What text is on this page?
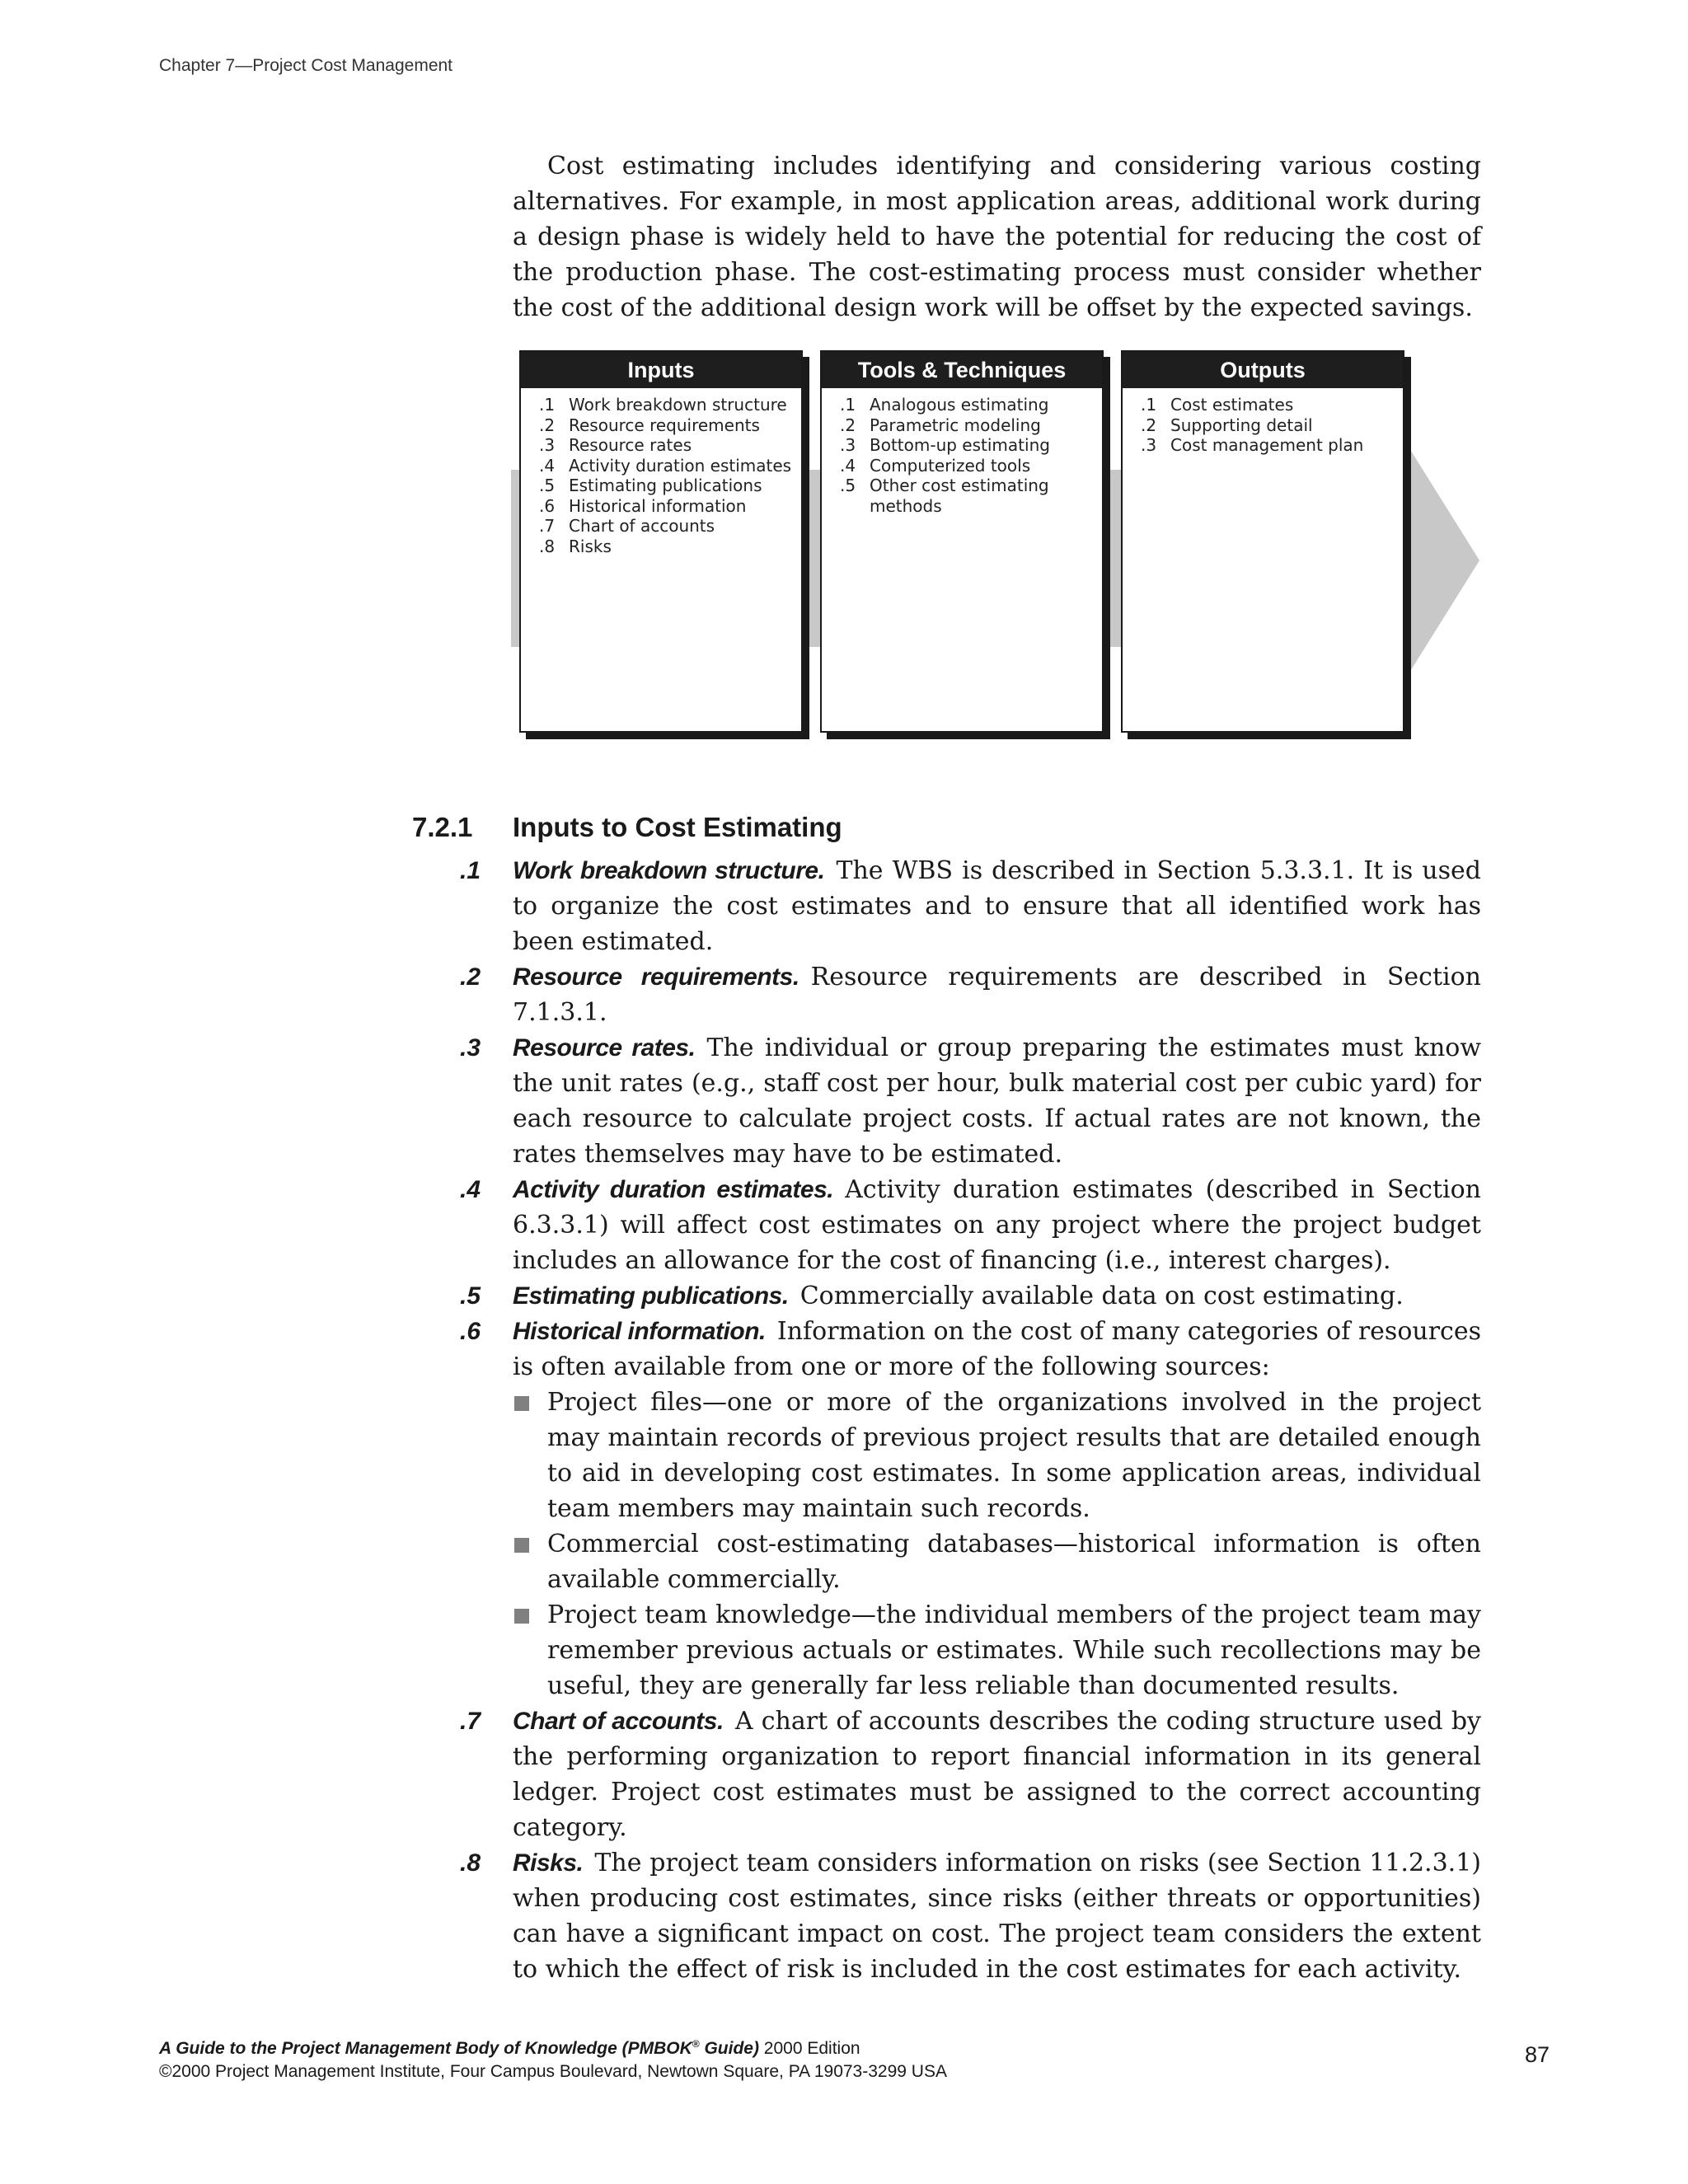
Chapter 7—Project Cost Management

Cost estimating includes identifying and considering various costing alternatives. For example, in most application areas, additional work during a design phase is widely held to have the potential for reducing the cost of the production phase. The cost-estimating process must consider whether the cost of the additional design work will be offset by the expected savings.

Inputs
.1 Work breakdown structure
.2 Resource requirements
.3 Resource rates
.4 Activity duration estimates
.5 Estimating publications
.6 Historical information
.7 Chart of accounts
.8 Risks
Tools & Techniques
.1 Analogous estimating
.2 Parametric modeling
.3 Bottom-up estimating
.4 Computerized tools
.5 Other cost estimating methods
Outputs
.1 Cost estimates
.2 Supporting detail
.3 Cost management plan
7.2.1 Inputs to Cost Estimating
.1 Work breakdown structure. The WBS is described in Section 5.3.3.1. It is used to organize the cost estimates and to ensure that all identified work has been estimated.
.2 Resource requirements. Resource requirements are described in Section 7.1.3.1.
.3 Resource rates. The individual or group preparing the estimates must know the unit rates (e.g., staff cost per hour, bulk material cost per cubic yard) for each resource to calculate project costs. If actual rates are not known, the rates themselves may have to be estimated.
.4 Activity duration estimates. Activity duration estimates (described in Section 6.3.3.1) will affect cost estimates on any project where the project budget includes an allowance for the cost of financing (i.e., interest charges).
.5 Estimating publications. Commercially available data on cost estimating.
.6 Historical information. Information on the cost of many categories of resources is often available from one or more of the following sources:
Project files—one or more of the organizations involved in the project may maintain records of previous project results that are detailed enough to aid in developing cost estimates. In some application areas, individual team members may maintain such records.
Commercial cost-estimating databases—historical information is often available commercially.
Project team knowledge—the individual members of the project team may remember previous actuals or estimates. While such recollections may be useful, they are generally far less reliable than documented results.
.7 Chart of accounts. A chart of accounts describes the coding structure used by the performing organization to report financial information in its general ledger. Project cost estimates must be assigned to the correct accounting category.
.8 Risks. The project team considers information on risks (see Section 11.2.3.1) when producing cost estimates, since risks (either threats or opportunities) can have a significant impact on cost. The project team considers the extent to which the effect of risk is included in the cost estimates for each activity.
A Guide to the Project Management Body of Knowledge (PMBOK® Guide) 2000 Edition
©2000 Project Management Institute, Four Campus Boulevard, Newtown Square, PA 19073-3299 USA
87
